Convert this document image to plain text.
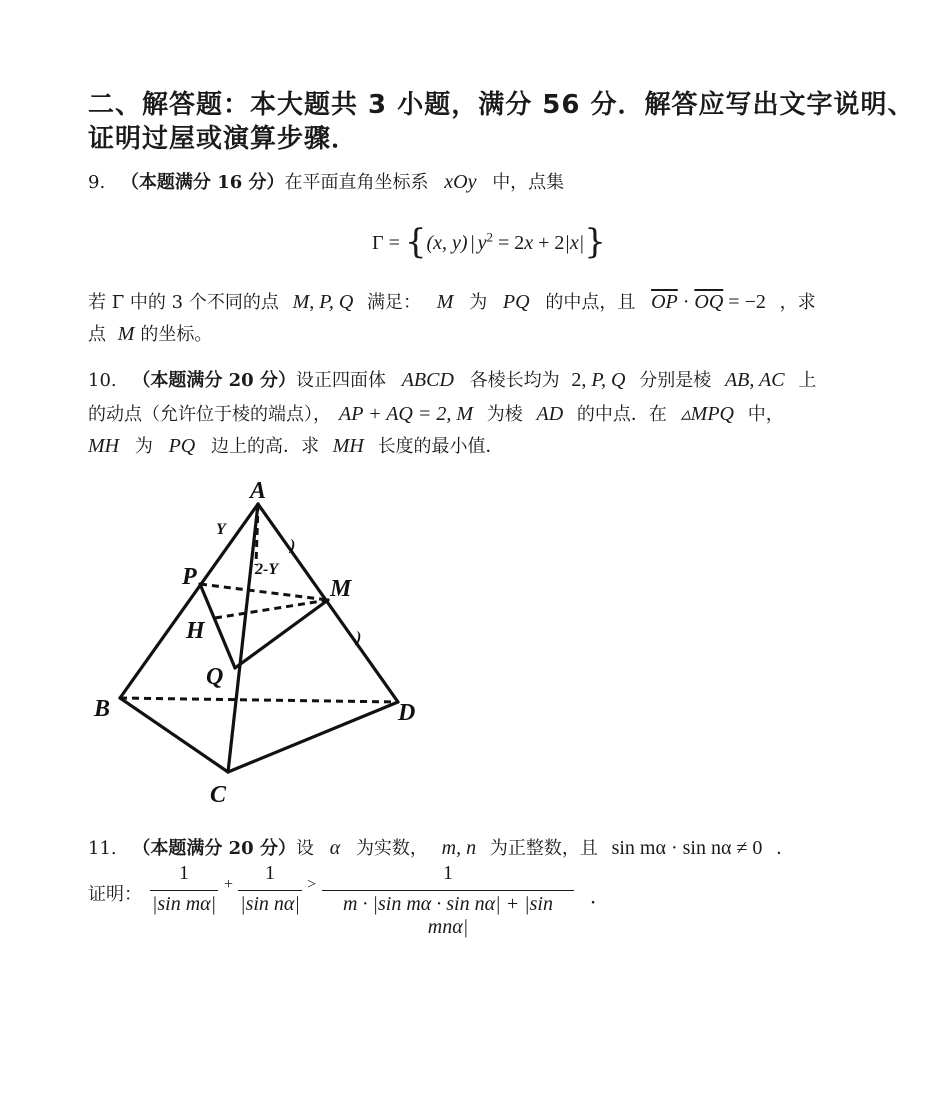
二、解答题：本大题共 3 小题，满分 56 分．解答应写出文字说明、
证明过屋或演算步骤．
9. （本题满分 16 分）在平面直角坐标系 xOy 中，点集
Γ = {(x, y) | $y^2 = 2x + 2|x|$}
若 Γ 中的 3 个不同的点 M, P, Q 满足： M 为 PQ 的中点，且 $\overline{OP} \cdot \overline{OQ} = -2$ ，求
点 M 的坐标。
10. （本题满分 20 分）设正四面体 ABCD 各棱长均为 2, P, Q 分别是棱 AB, AC 上
的动点（允许位于棱的端点）， AP + AQ = 2, M 为棱 AD 的中点．在 ▵MPQ 中，
MH 为 PQ 边上的高．求 MH 长度的最小值．
A
B
C
D
P	M
H
Q
Y
2-Y
)
)
11. （本题满分 20 分）设 α 为实数， m, n 为正整数，且 sin mα · sin nα ≠ 0 ．
证明：
1
|sin mα|
+
1
|sin nα|
>
1
m · |sin mα · sin nα| + |sin mnα|
．
